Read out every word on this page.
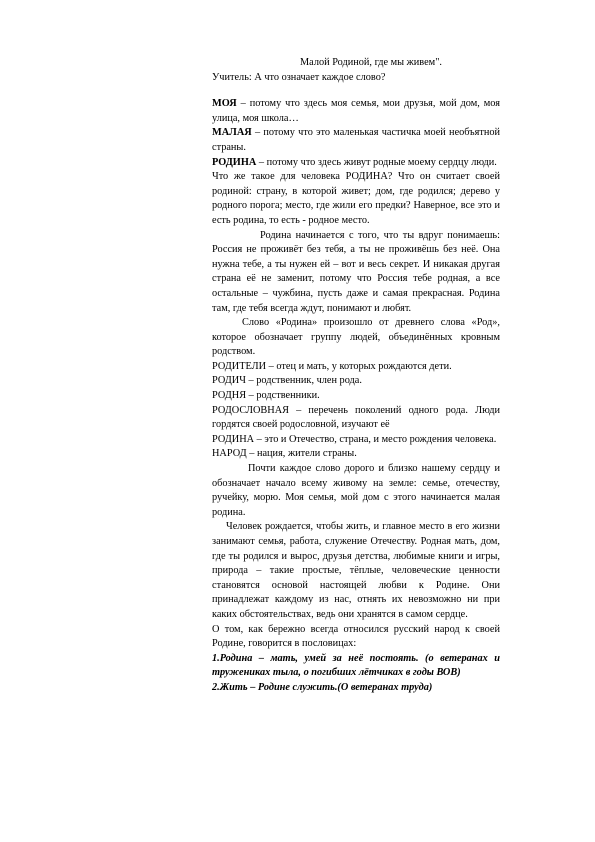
Малой Родиной, где мы живем".
Учитель: А что означает каждое слово?

МОЯ – потому что здесь моя семья, мои друзья, мой дом, моя улица, моя школа…

МАЛАЯ – потому что это маленькая частичка моей необъятной страны.

РОДИНА – потому что здесь живут родные моему сердцу люди.

Что же такое для человека РОДИНА? Что он считает своей родиной: страну, в которой живет; дом, где родился; дерево у родного порога; место, где жили его предки? Наверное, все это и есть родина, то есть - родное место.

Родина начинается с того, что ты вдруг понимаешь: Россия не проживёт без тебя, а ты не проживёшь без неё. Она нужна тебе, а ты нужен ей – вот и весь секрет. И никакая другая страна её не заменит, потому что Россия тебе родная, а все остальные – чужбина, пусть даже и самая прекрасная. Родина там, где тебя всегда ждут, понимают и любят.

Слово «Родина» произошло от древнего слова «Род», которое обозначает группу людей, объединённых кровным родством.

РОДИТЕЛИ – отец и мать, у которых рождаются дети.

РОДИЧ – родственник, член рода.

РОДНЯ – родственники.

РОДОСЛОВНАЯ – перечень поколений одного рода. Люди гордятся своей родословной, изучают её

РОДИНА – это и Отечество, страна, и место рождения человека.

НАРОД – нация, жители страны.

Почти каждое слово дорого и близко нашему сердцу и обозначает начало всему живому на земле: семье, отечеству, ручейку, морю. Моя семья, мой дом с этого начинается малая родина.

Человек рождается, чтобы жить, и главное место в его жизни занимают семья, работа, служение Отечеству. Родная мать, дом, где ты родился и вырос, друзья детства, любимые книги и игры, природа – такие простые, тёплые, человеческие ценности становятся основой настоящей любви к Родине. Они принадлежат каждому из нас, отнять их невозможно ни при каких обстоятельствах, ведь они хранятся в самом сердце.

О том, как бережно всегда относился русский народ к своей Родине, говорится в пословицах:

1.Родина – мать, умей за неё постоять. (о ветеранах и тружениках тыла, о погибших лётчиках в годы ВОВ)

2.Жить – Родине служить.(О ветеранах труда)
